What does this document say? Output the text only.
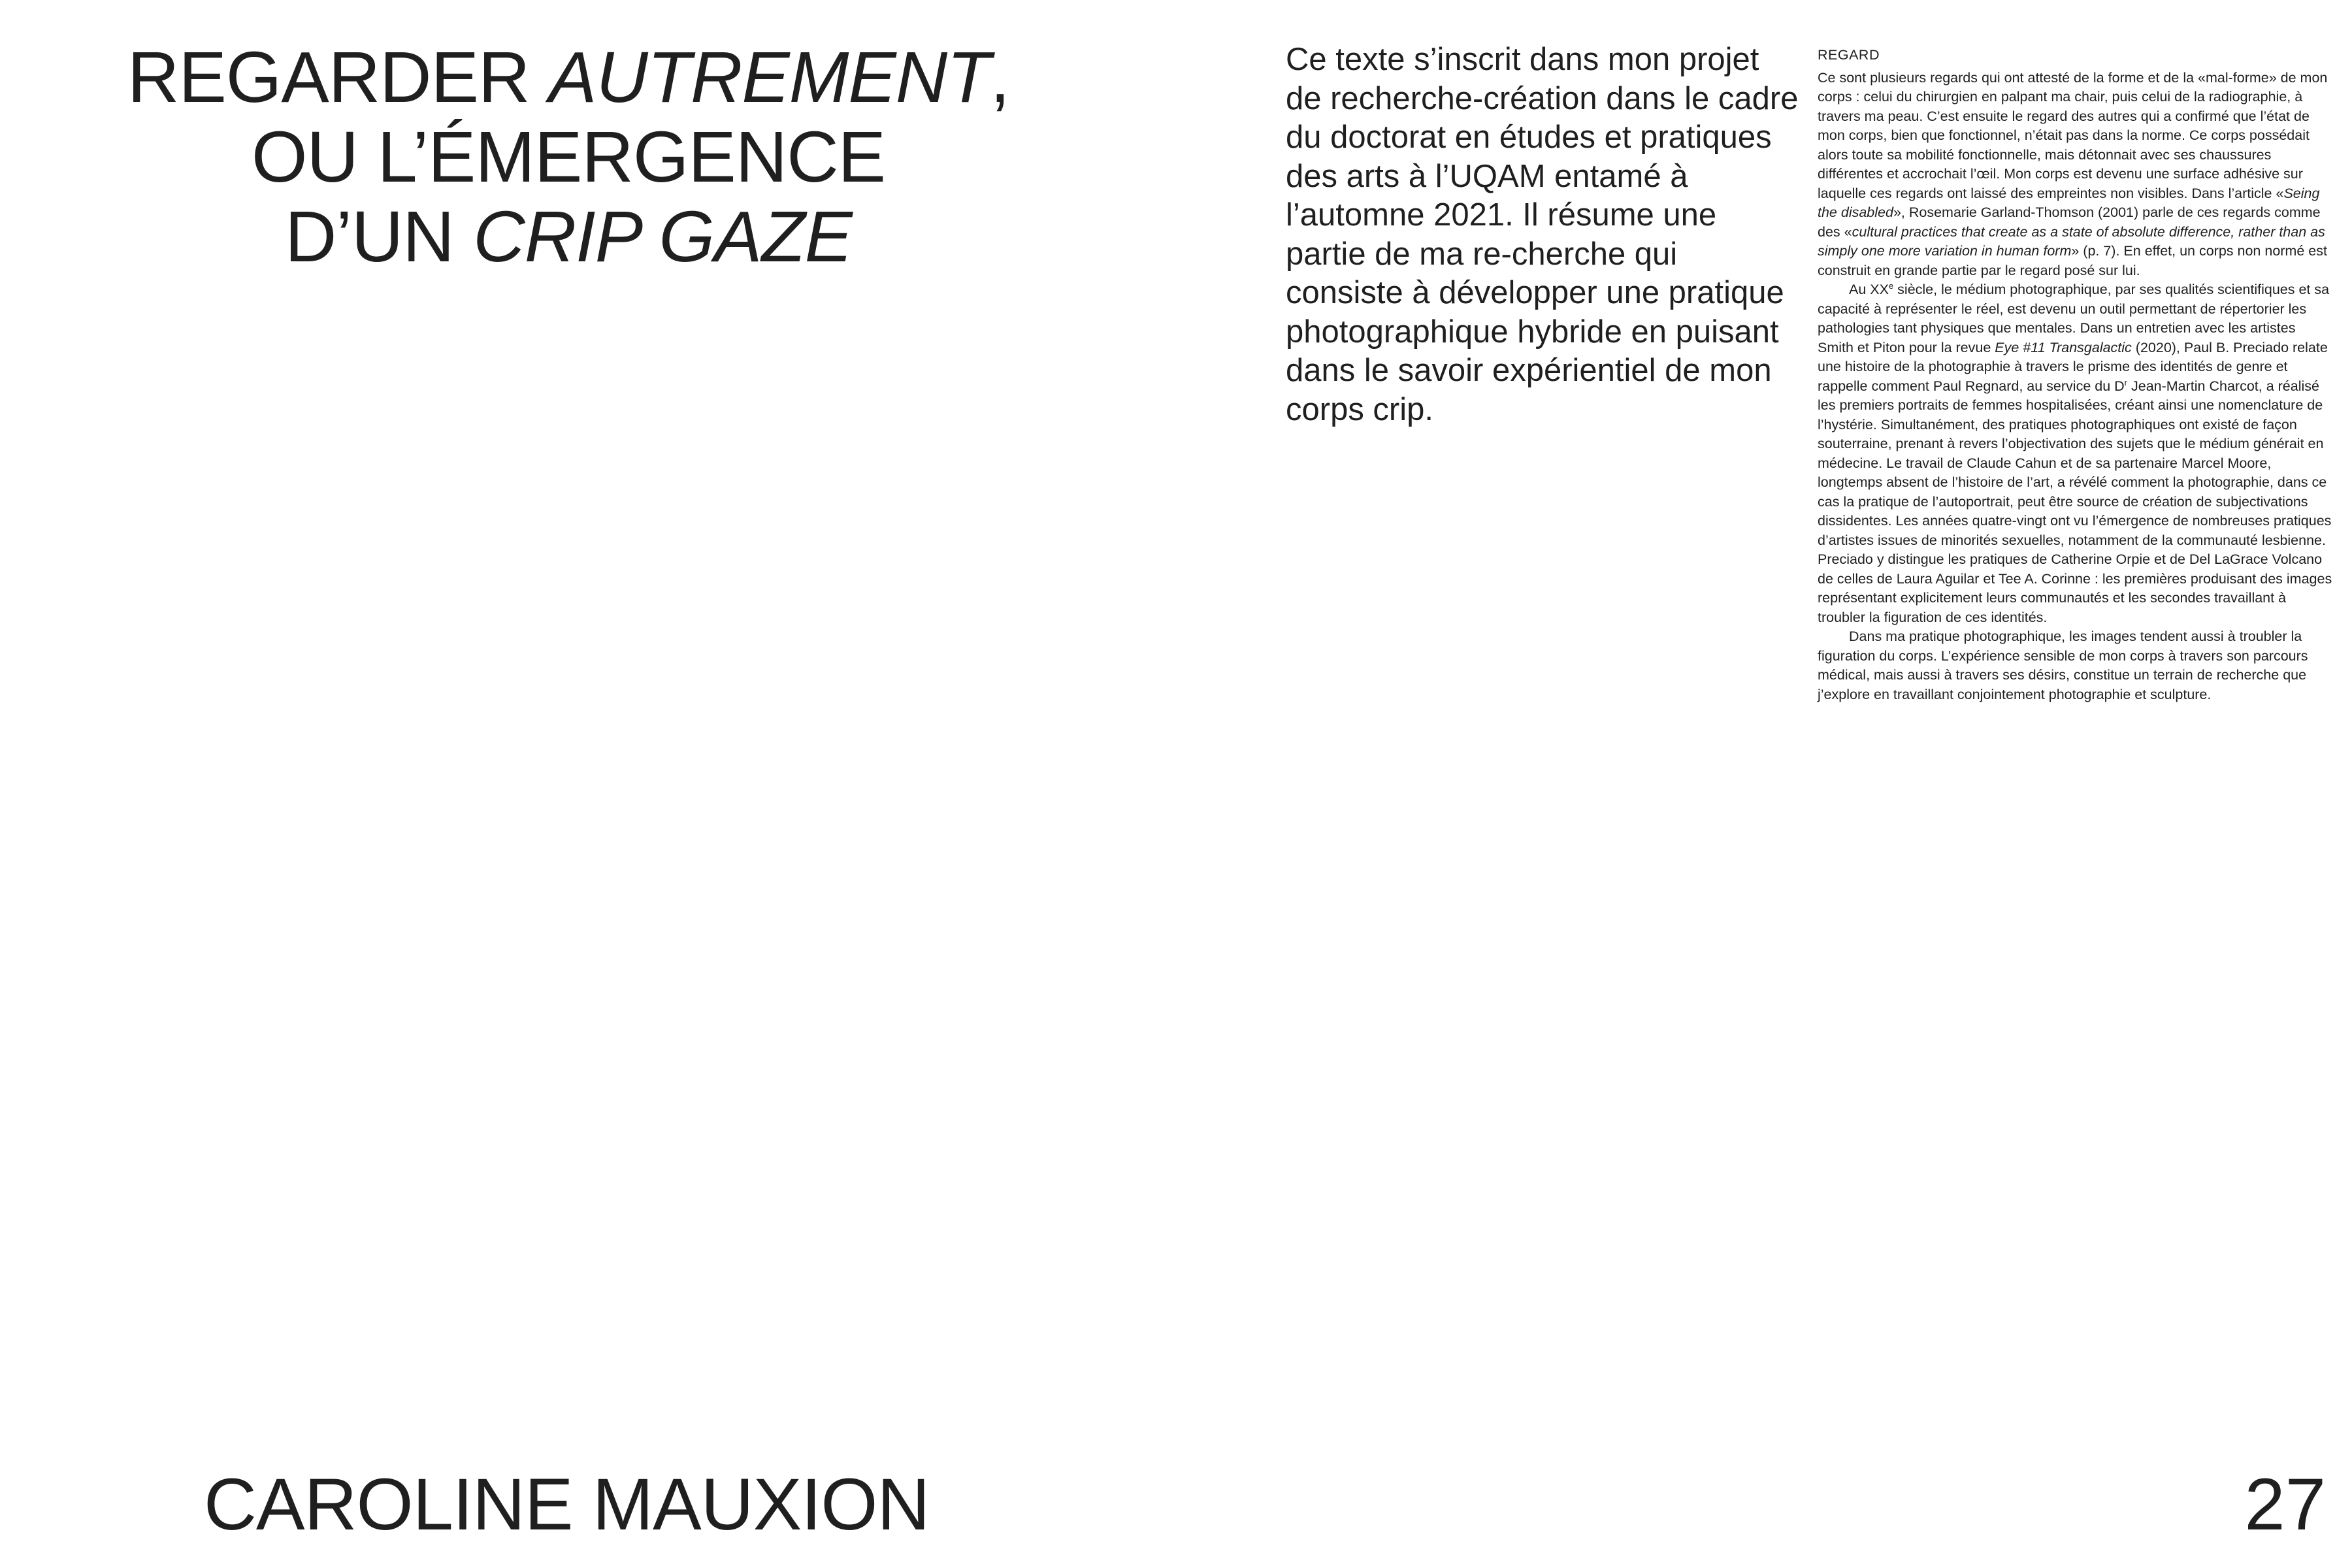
REGARDER AUTREMENT,
OU L’ÉMERGENCE
D’UN CRIP GAZE

Ce texte s’inscrit dans mon projet de recherche-création dans le cadre du doctorat en études et pratiques des arts à l’UQAM entamé à l’automne 2021. Il résume une partie de ma re-cherche qui consiste à développer une pratique photographique hybride en puisant dans le savoir expérientiel de mon corps crip.

REGARD

Ce sont plusieurs regards qui ont attesté de la forme et de la «mal-forme» de mon corps : celui du chirurgien en palpant ma chair, puis celui de la radiographie, à travers ma peau. C’est ensuite le regard des autres qui a confirmé que l’état de mon corps, bien que fonctionnel, n’était pas dans la norme. Ce corps possédait alors toute sa mobilité fonctionnelle, mais détonnait avec ses chaussures différentes et accrochait l’œil. Mon corps est devenu une surface adhésive sur laquelle ces regards ont laissé des empreintes non visibles. Dans l’article «Seing the disabled», Rosemarie Garland-Thomson (2001) parle de ces regards comme des «cultural practices that create as a state of absolute difference, rather than as simply one more variation in human form» (p. 7). En effet, un corps non normé est construit en grande partie par le regard posé sur lui.

Au XXe siècle, le médium photographique, par ses qualités scientifiques et sa capacité à représenter le réel, est devenu un outil permettant de répertorier les pathologies tant physiques que mentales. Dans un entretien avec les artistes Smith et Piton pour la revue Eye #11 Transgalactic (2020), Paul B. Preciado relate une histoire de la photographie à travers le prisme des identités de genre et rappelle comment Paul Regnard, au service du $D^r$ Jean-Martin Charcot, a réalisé les premiers portraits de femmes hospitalisées, créant ainsi une nomenclature de l’hystérie. Simultanément, des pratiques photographiques ont existé de façon souterraine, prenant à revers l’objectivation des sujets que le médium générait en médecine. Le travail de Claude Cahun et de sa partenaire Marcel Moore, longtemps absent de l’histoire de l’art, a révélé comment la photographie, dans ce cas la pratique de l’autoportrait, peut être source de création de subjectivations dissidentes. Les années quatre-vingt ont vu l’émergence de nombreuses pratiques d’artistes issues de minorités sexuelles, notamment de la communauté lesbienne. Preciado y distingue les pratiques de Catherine Orpie et de Del LaGrace Volcano de celles de Laura Aguilar et Tee A. Corinne : les premières produisant des images représentant explicitement leurs communautés et les secondes travaillant à troubler la figuration de ces identités.

Dans ma pratique photographique, les images tendent aussi à troubler la figuration du corps. L’expérience sensible de mon corps à travers son parcours médical, mais aussi à travers ses désirs, constitue un terrain de recherche que j’explore en travaillant conjointement photographie et sculpture.

CAROLINE MAUXION	27
